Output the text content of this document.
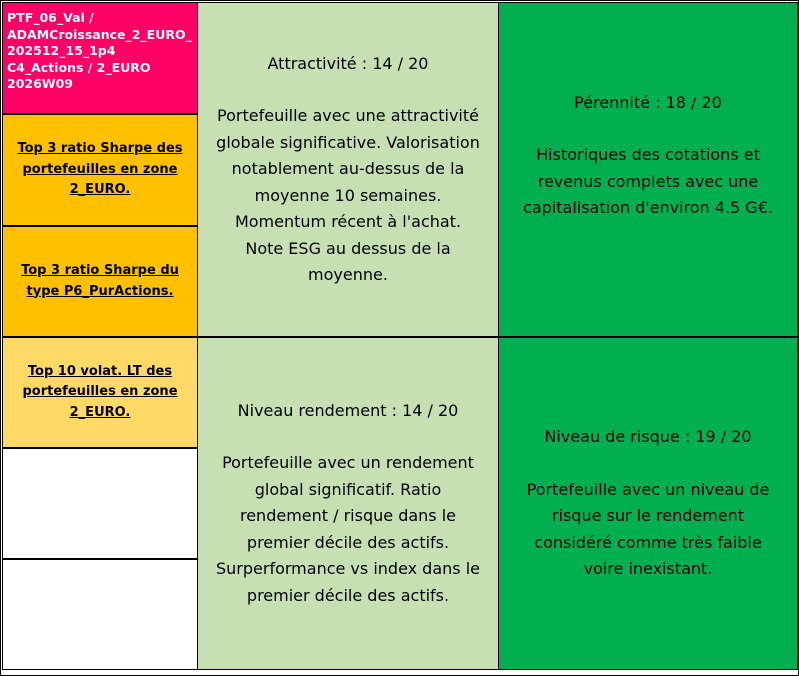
PTF_06_Val /
ADAMCroissance_2_EURO_
202512_15_1p4
C4_Actions / 2_EURO
2026W09
Top 3 ratio Sharpe des
portefeuilles en zone
2_EURO.
Top 3 ratio Sharpe du
type P6_PurActions.
Top 10 volat. LT des
portefeuilles en zone
2_EURO.
Attractivité : 14 / 20
Portefeuille avec une attractivité
globale significative. Valorisation
notablement au-dessus de la
moyenne 10 semaines.
Momentum récent à l'achat.
Note ESG au dessus de la
moyenne.
Pérennité : 18 / 20
Historiques des cotations et
revenus complets avec une
capitalisation d'environ 4.5 G€.
Niveau rendement : 14 / 20
Portefeuille avec un rendement
global significatif. Ratio
rendement / risque dans le
premier décile des actifs.
Surperformance vs index dans le
premier décile des actifs.
Niveau de risque : 19 / 20
Portefeuille avec un niveau de
risque sur le rendement
considéré comme très faible
voire inexistant.
